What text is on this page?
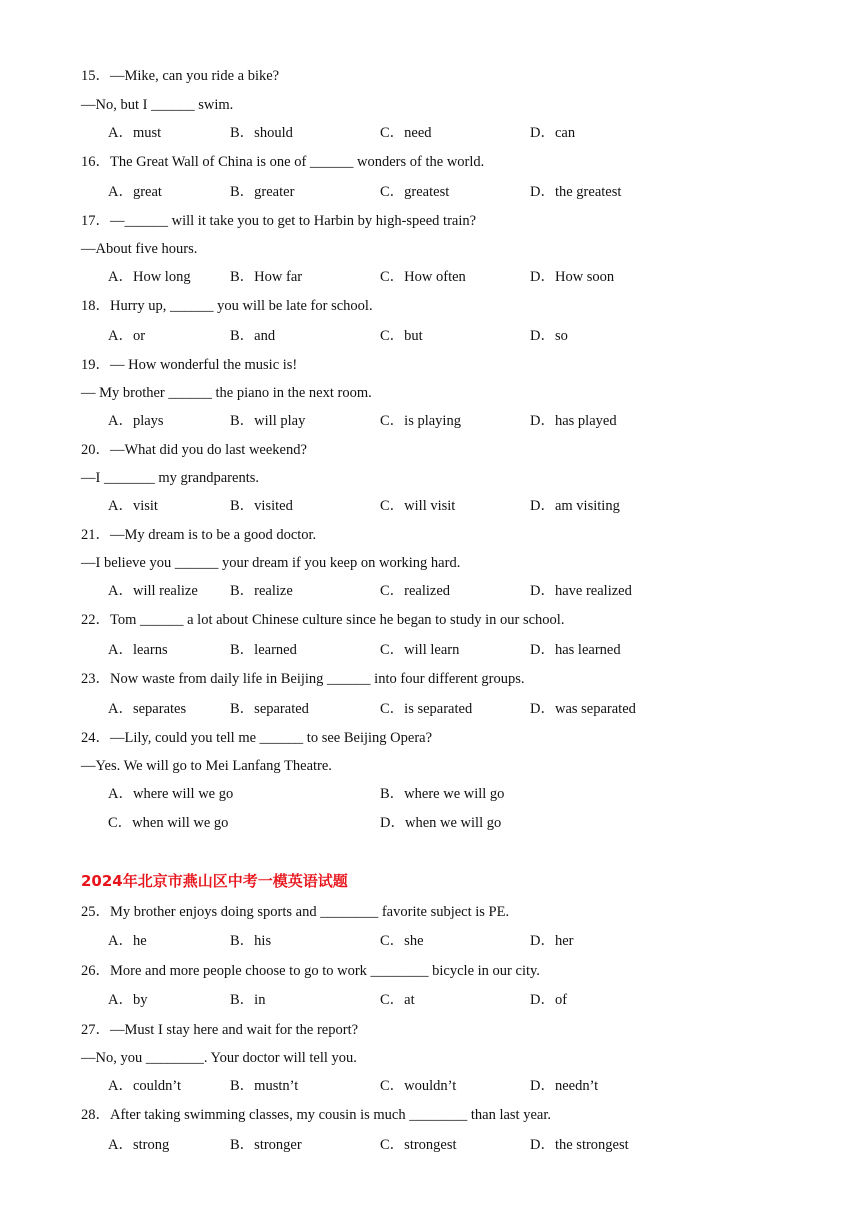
15．—Mike, can you ride a bike?
—No, but I ______ swim.
A．must	B．should	C．need	D．can
16．The Great Wall of China is one of ______ wonders of the world.
A．great	B．greater	C．greatest	D．the greatest
17．—______ will it take you to get to Harbin by high-speed train?
—About five hours.
A．How long	B．How far	C．How often	D．How soon
18．Hurry up, ______ you will be late for school.
A．or	B．and	C．but	D．so
19．— How wonderful the music is!
— My brother ______ the piano in the next room.
A．plays	B．will play	C．is playing	D．has played
20．—What did you do last weekend?
—I _______ my grandparents.
A．visit	B．visited	C．will visit	D．am visiting
21．—My dream is to be a good doctor.
—I believe you ______ your dream if you keep on working hard.
A．will realize B．realize	C．realized	D．have realized
22．Tom ______ a lot about Chinese culture since he began to study in our school.
A．learns	B．learned	C．will learn	D．has learned
23．Now waste from daily life in Beijing ______ into four different groups.
A．separates	B．separated	C．is separated	D．was separated
24．—Lily, could you tell me ______ to see Beijing Opera?
—Yes. We will go to Mei Lanfang Theatre.
A．where will we go	B．where we will go
C．when will we go	D．when we will go
2024年北京市燕山区中考一模英语试题
25．My brother enjoys doing sports and ________ favorite subject is PE.
A．he	B．his	C．she	D．her
26．More and more people choose to go to work ________ bicycle in our city.
A．by	B．in	C．at	D．of
27．—Must I stay here and wait for the report?
—No, you ________. Your doctor will tell you.
A．couldn’t	B．mustn’t	C．wouldn’t	D．needn’t
28．After taking swimming classes, my cousin is much ________ than last year.
A．strong	B．stronger	C．strongest	D．the strongest
